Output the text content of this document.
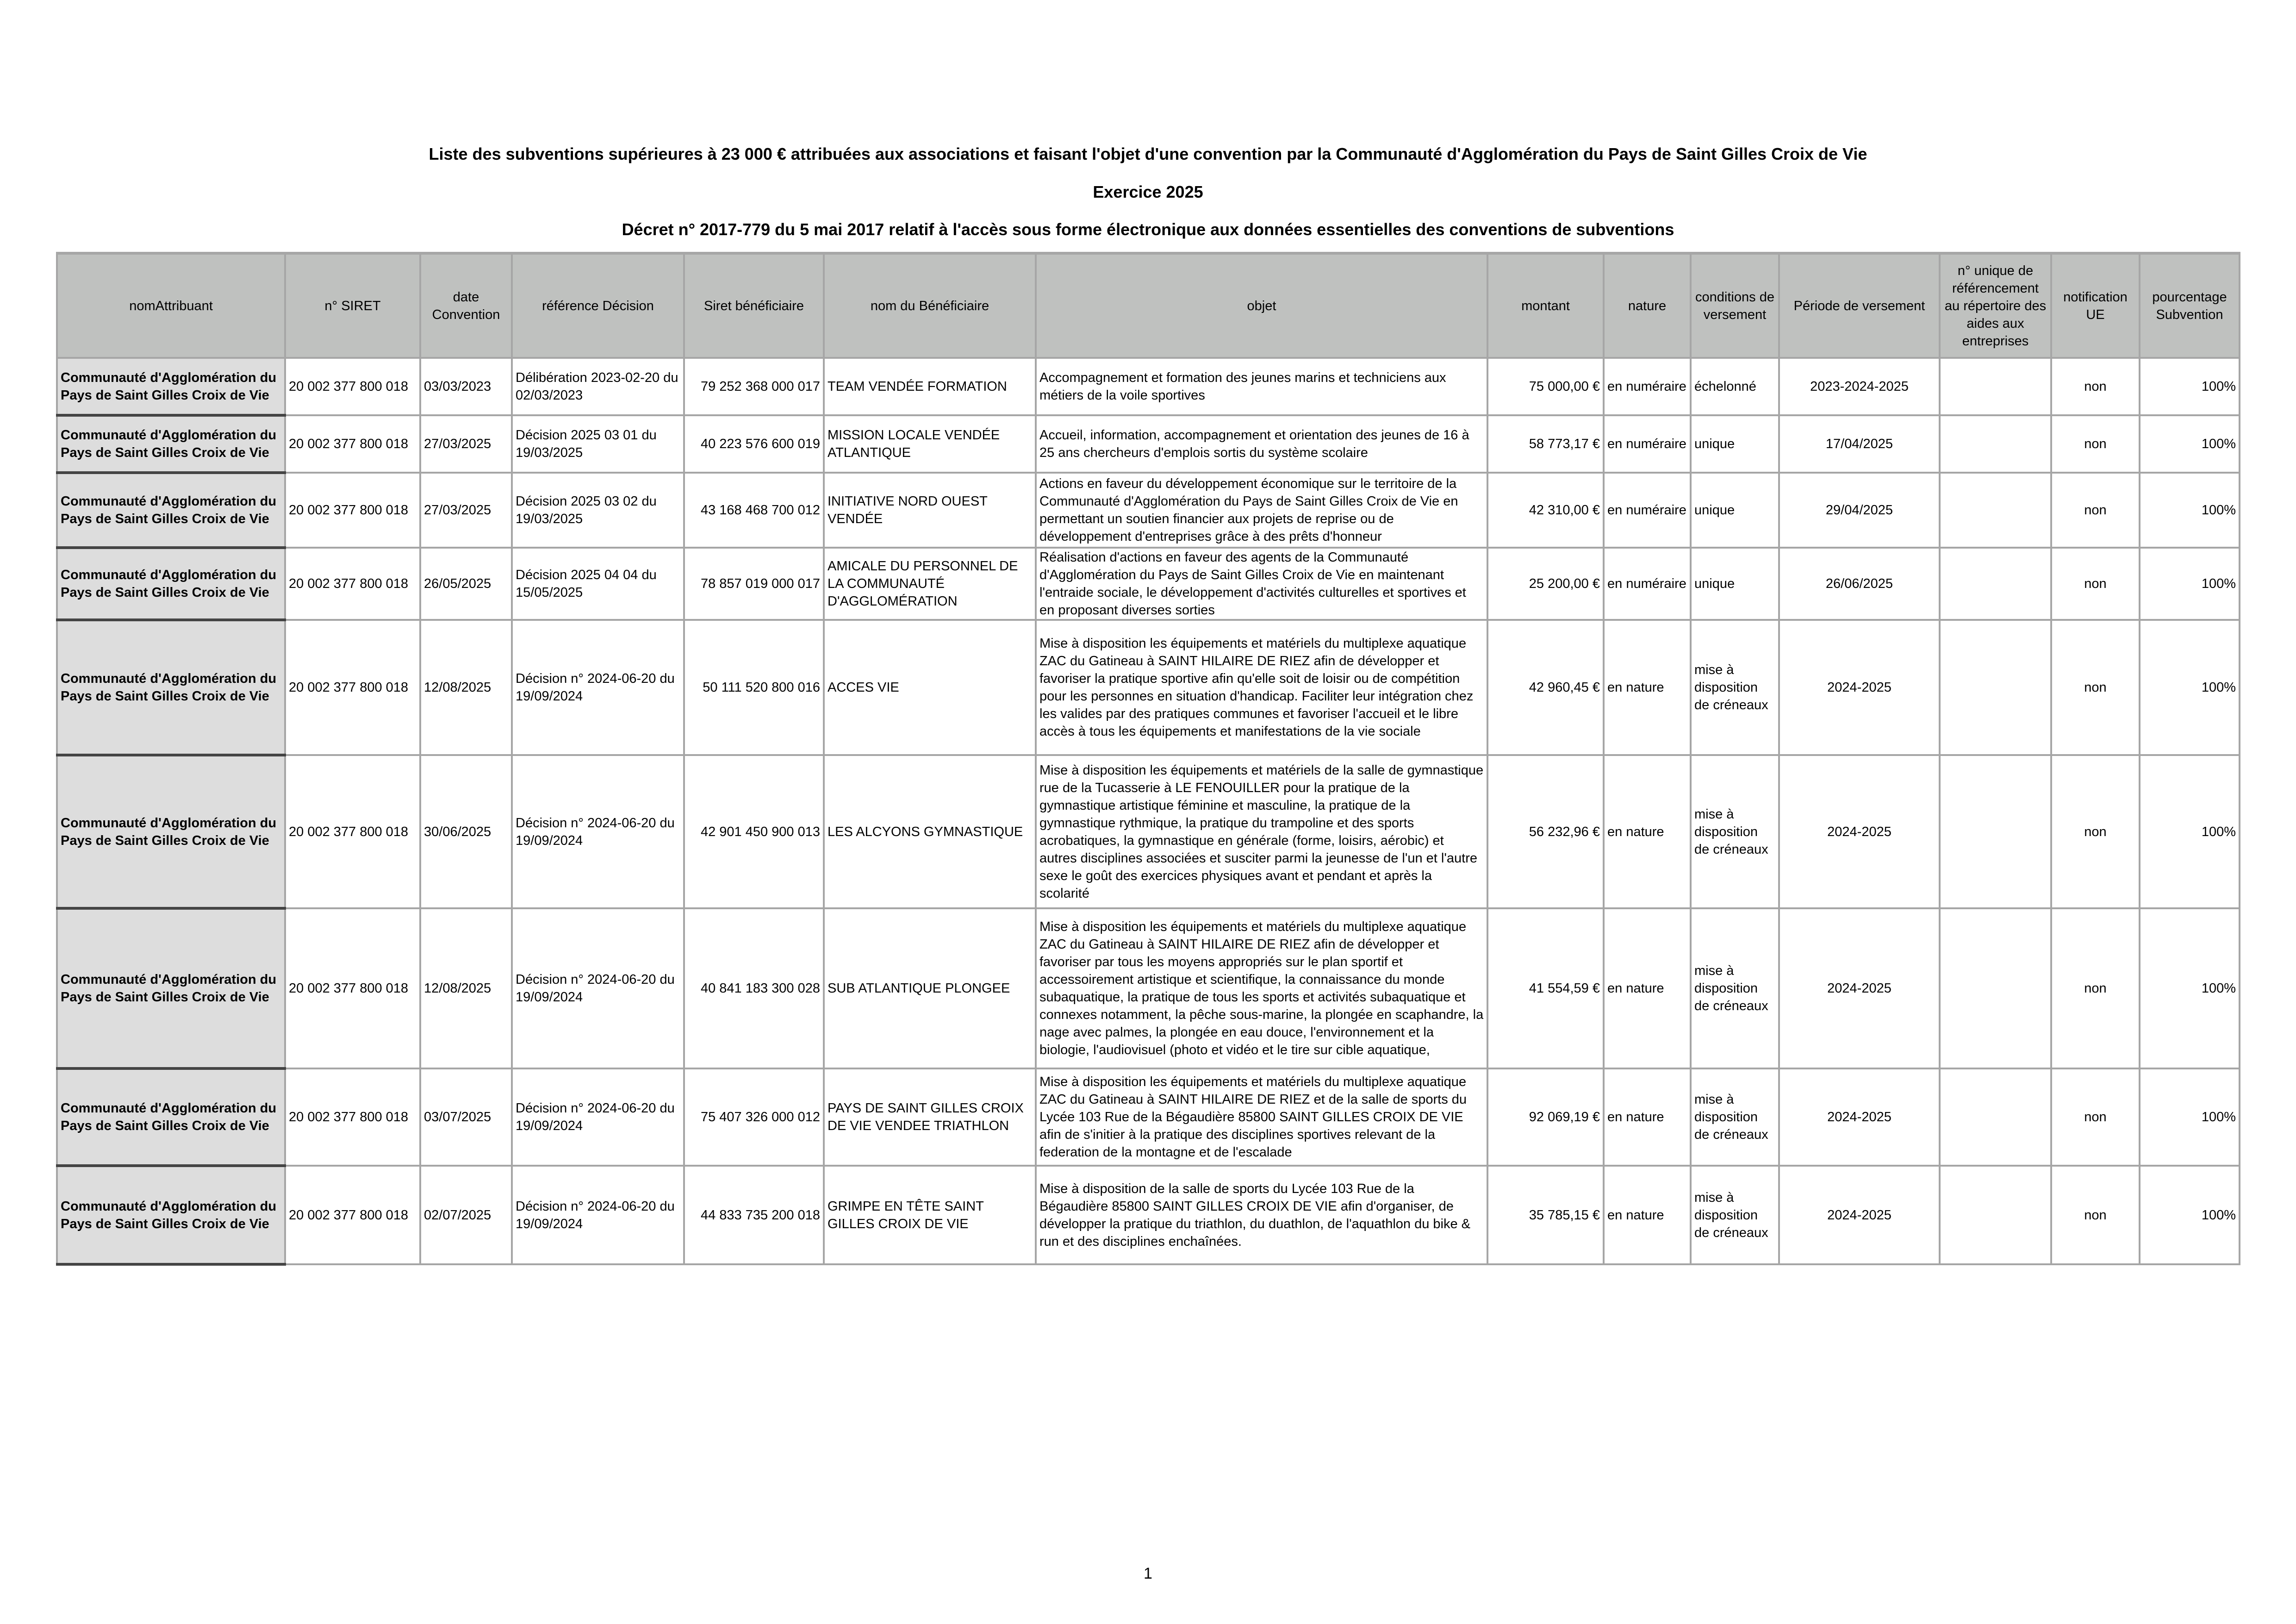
Liste des subventions supérieures à 23 000 € attribuées aux associations et faisant l'objet d'une convention par la Communauté d'Agglomération du Pays de Saint Gilles Croix de Vie
Exercice 2025
Décret n° 2017-779 du 5 mai 2017 relatif à l'accès sous forme électronique aux données essentielles des conventions de subventions
nomAttribuant	n° SIRET	date Convention	référence Décision	Siret bénéficiaire	nom du Bénéficiaire	objet	montant	nature	conditions de versement	Période de versement	n° unique de référencement au répertoire des aides aux entreprises	notification UE	pourcentage Subvention
Communauté d'Agglomération du Pays de Saint Gilles Croix de Vie	20 002 377 800 018	03/03/2023	Délibération 2023-02-20 du 02/03/2023	79 252 368 000 017	TEAM VENDÉE FORMATION	Accompagnement et formation des jeunes marins et techniciens aux métiers de la voile sportives	75 000,00 €	en numéraire	échelonné	2023-2024-2025		non	100%
Communauté d'Agglomération du Pays de Saint Gilles Croix de Vie	20 002 377 800 018	27/03/2025	Décision 2025 03 01 du 19/03/2025	40 223 576 600 019	MISSION LOCALE VENDÉE ATLANTIQUE	Accueil, information, accompagnement et orientation des jeunes de 16 à 25 ans chercheurs d'emplois sortis du système scolaire	58 773,17 €	en numéraire	unique	17/04/2025		non	100%
Communauté d'Agglomération du Pays de Saint Gilles Croix de Vie	20 002 377 800 018	27/03/2025	Décision 2025 03 02 du 19/03/2025	43 168 468 700 012	INITIATIVE NORD OUEST VENDÉE	Actions en faveur du développement économique sur le territoire de la Communauté d'Agglomération du Pays de Saint Gilles Croix de Vie en permettant un soutien financier aux projets de reprise ou de développement d'entreprises grâce à des prêts d'honneur	42 310,00 €	en numéraire	unique	29/04/2025		non	100%
Communauté d'Agglomération du Pays de Saint Gilles Croix de Vie	20 002 377 800 018	26/05/2025	Décision 2025 04 04 du 15/05/2025	78 857 019 000 017	AMICALE DU PERSONNEL DE LA COMMUNAUTÉ D'AGGLOMÉRATION	Réalisation d'actions en faveur des agents de la Communauté d'Agglomération du Pays de Saint Gilles Croix de Vie en maintenant l'entraide sociale, le développement d'activités culturelles et sportives et en proposant diverses sorties	25 200,00 €	en numéraire	unique	26/06/2025		non	100%
Communauté d'Agglomération du Pays de Saint Gilles Croix de Vie	20 002 377 800 018	12/08/2025	Décision n° 2024-06-20 du 19/09/2024	50 111 520 800 016	ACCES VIE	Mise à disposition les équipements et matériels du multiplexe aquatique ZAC du Gatineau à SAINT HILAIRE DE RIEZ afin de développer et favoriser la pratique sportive afin qu'elle soit de loisir ou de compétition pour les personnes en situation d'handicap. Faciliter leur intégration chez les valides par des pratiques communes et favoriser l'accueil et le libre accès à tous les équipements et manifestations de la vie sociale	42 960,45 €	en nature	mise à disposition de créneaux	2024-2025		non	100%
Communauté d'Agglomération du Pays de Saint Gilles Croix de Vie	20 002 377 800 018	30/06/2025	Décision n° 2024-06-20 du 19/09/2024	42 901 450 900 013	LES ALCYONS GYMNASTIQUE	Mise à disposition les équipements et matériels de la salle de gymnastique rue de la Tucasserie à LE FENOUILLER pour la pratique de la gymnastique artistique féminine et masculine, la pratique de la gymnastique rythmique, la pratique du trampoline et des sports acrobatiques, la gymnastique en générale (forme, loisirs, aérobic) et autres disciplines associées et susciter parmi la jeunesse de l'un et l'autre sexe le goût des exercices physiques avant et pendant et après la scolarité	56 232,96 €	en nature	mise à disposition de créneaux	2024-2025		non	100%
Communauté d'Agglomération du Pays de Saint Gilles Croix de Vie	20 002 377 800 018	12/08/2025	Décision n° 2024-06-20 du 19/09/2024	40 841 183 300 028	SUB ATLANTIQUE PLONGEE	Mise à disposition les équipements et matériels du multiplexe aquatique ZAC du Gatineau à SAINT HILAIRE DE RIEZ afin de développer et favoriser par tous les moyens appropriés sur le plan sportif et accessoirement artistique et scientifique, la connaissance du monde subaquatique, la pratique de tous les sports et activités subaquatique et connexes notamment, la pêche sous-marine, la plongée en scaphandre, la nage avec palmes, la plongée en eau douce, l'environnement et la biologie, l'audiovisuel (photo et vidéo et le tire sur cible aquatique,	41 554,59 €	en nature	mise à disposition de créneaux	2024-2025		non	100%
Communauté d'Agglomération du Pays de Saint Gilles Croix de Vie	20 002 377 800 018	03/07/2025	Décision n° 2024-06-20 du 19/09/2024	75 407 326 000 012	PAYS DE SAINT GILLES CROIX DE VIE VENDEE TRIATHLON	Mise à disposition les équipements et matériels du multiplexe aquatique ZAC du Gatineau à SAINT HILAIRE DE RIEZ et de la salle de sports du Lycée 103 Rue de la Bégaudière 85800 SAINT GILLES CROIX DE VIE afin de s'initier à la pratique des disciplines sportives relevant de la federation de la montagne et de l'escalade	92 069,19 €	en nature	mise à disposition de créneaux	2024-2025		non	100%
Communauté d'Agglomération du Pays de Saint Gilles Croix de Vie	20 002 377 800 018	02/07/2025	Décision n° 2024-06-20 du 19/09/2024	44 833 735 200 018	GRIMPE EN TÊTE SAINT GILLES CROIX DE VIE	Mise à disposition de la salle de sports du Lycée 103 Rue de la Bégaudière 85800 SAINT GILLES CROIX DE VIE afin d'organiser, de développer la pratique du triathlon, du duathlon, de l'aquathlon du bike & run et des disciplines enchaînées.	35 785,15 €	en nature	mise à disposition de créneaux	2024-2025		non	100%
1
